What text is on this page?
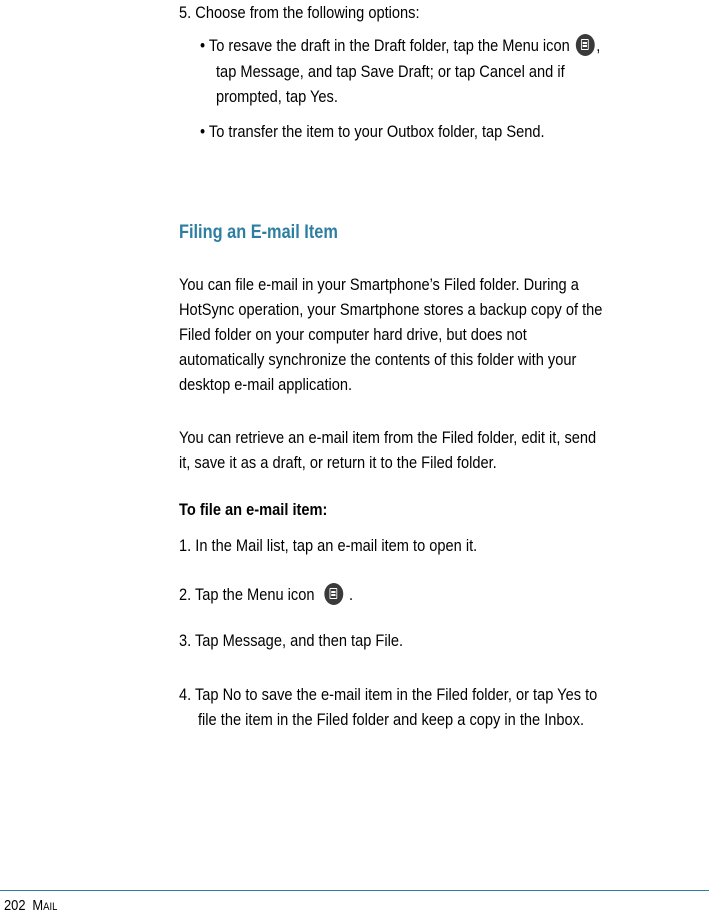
5. Choose from the following options:
• To resave the draft in the Draft folder, tap the Menu icon ,
tap Message, and tap Save Draft; or tap Cancel and if
prompted, tap Yes.
• To transfer the item to your Outbox folder, tap Send.
Filing an E-mail Item
You can file e-mail in your Smartphone’s Filed folder. During a
HotSync operation, your Smartphone stores a backup copy of the
Filed folder on your computer hard drive, but does not
automatically synchronize the contents of this folder with your
desktop e-mail application.
You can retrieve an e-mail item from the Filed folder, edit it, send
it, save it as a draft, or return it to the Filed folder.
To file an e-mail item:
1. In the Mail list, tap an e-mail item to open it.
2. Tap the Menu icon .
3. Tap Message, and then tap File.
4. Tap No to save the e-mail item in the Filed folder, or tap Yes to
file the item in the Filed folder and keep a copy in the Inbox.
202 Mail
